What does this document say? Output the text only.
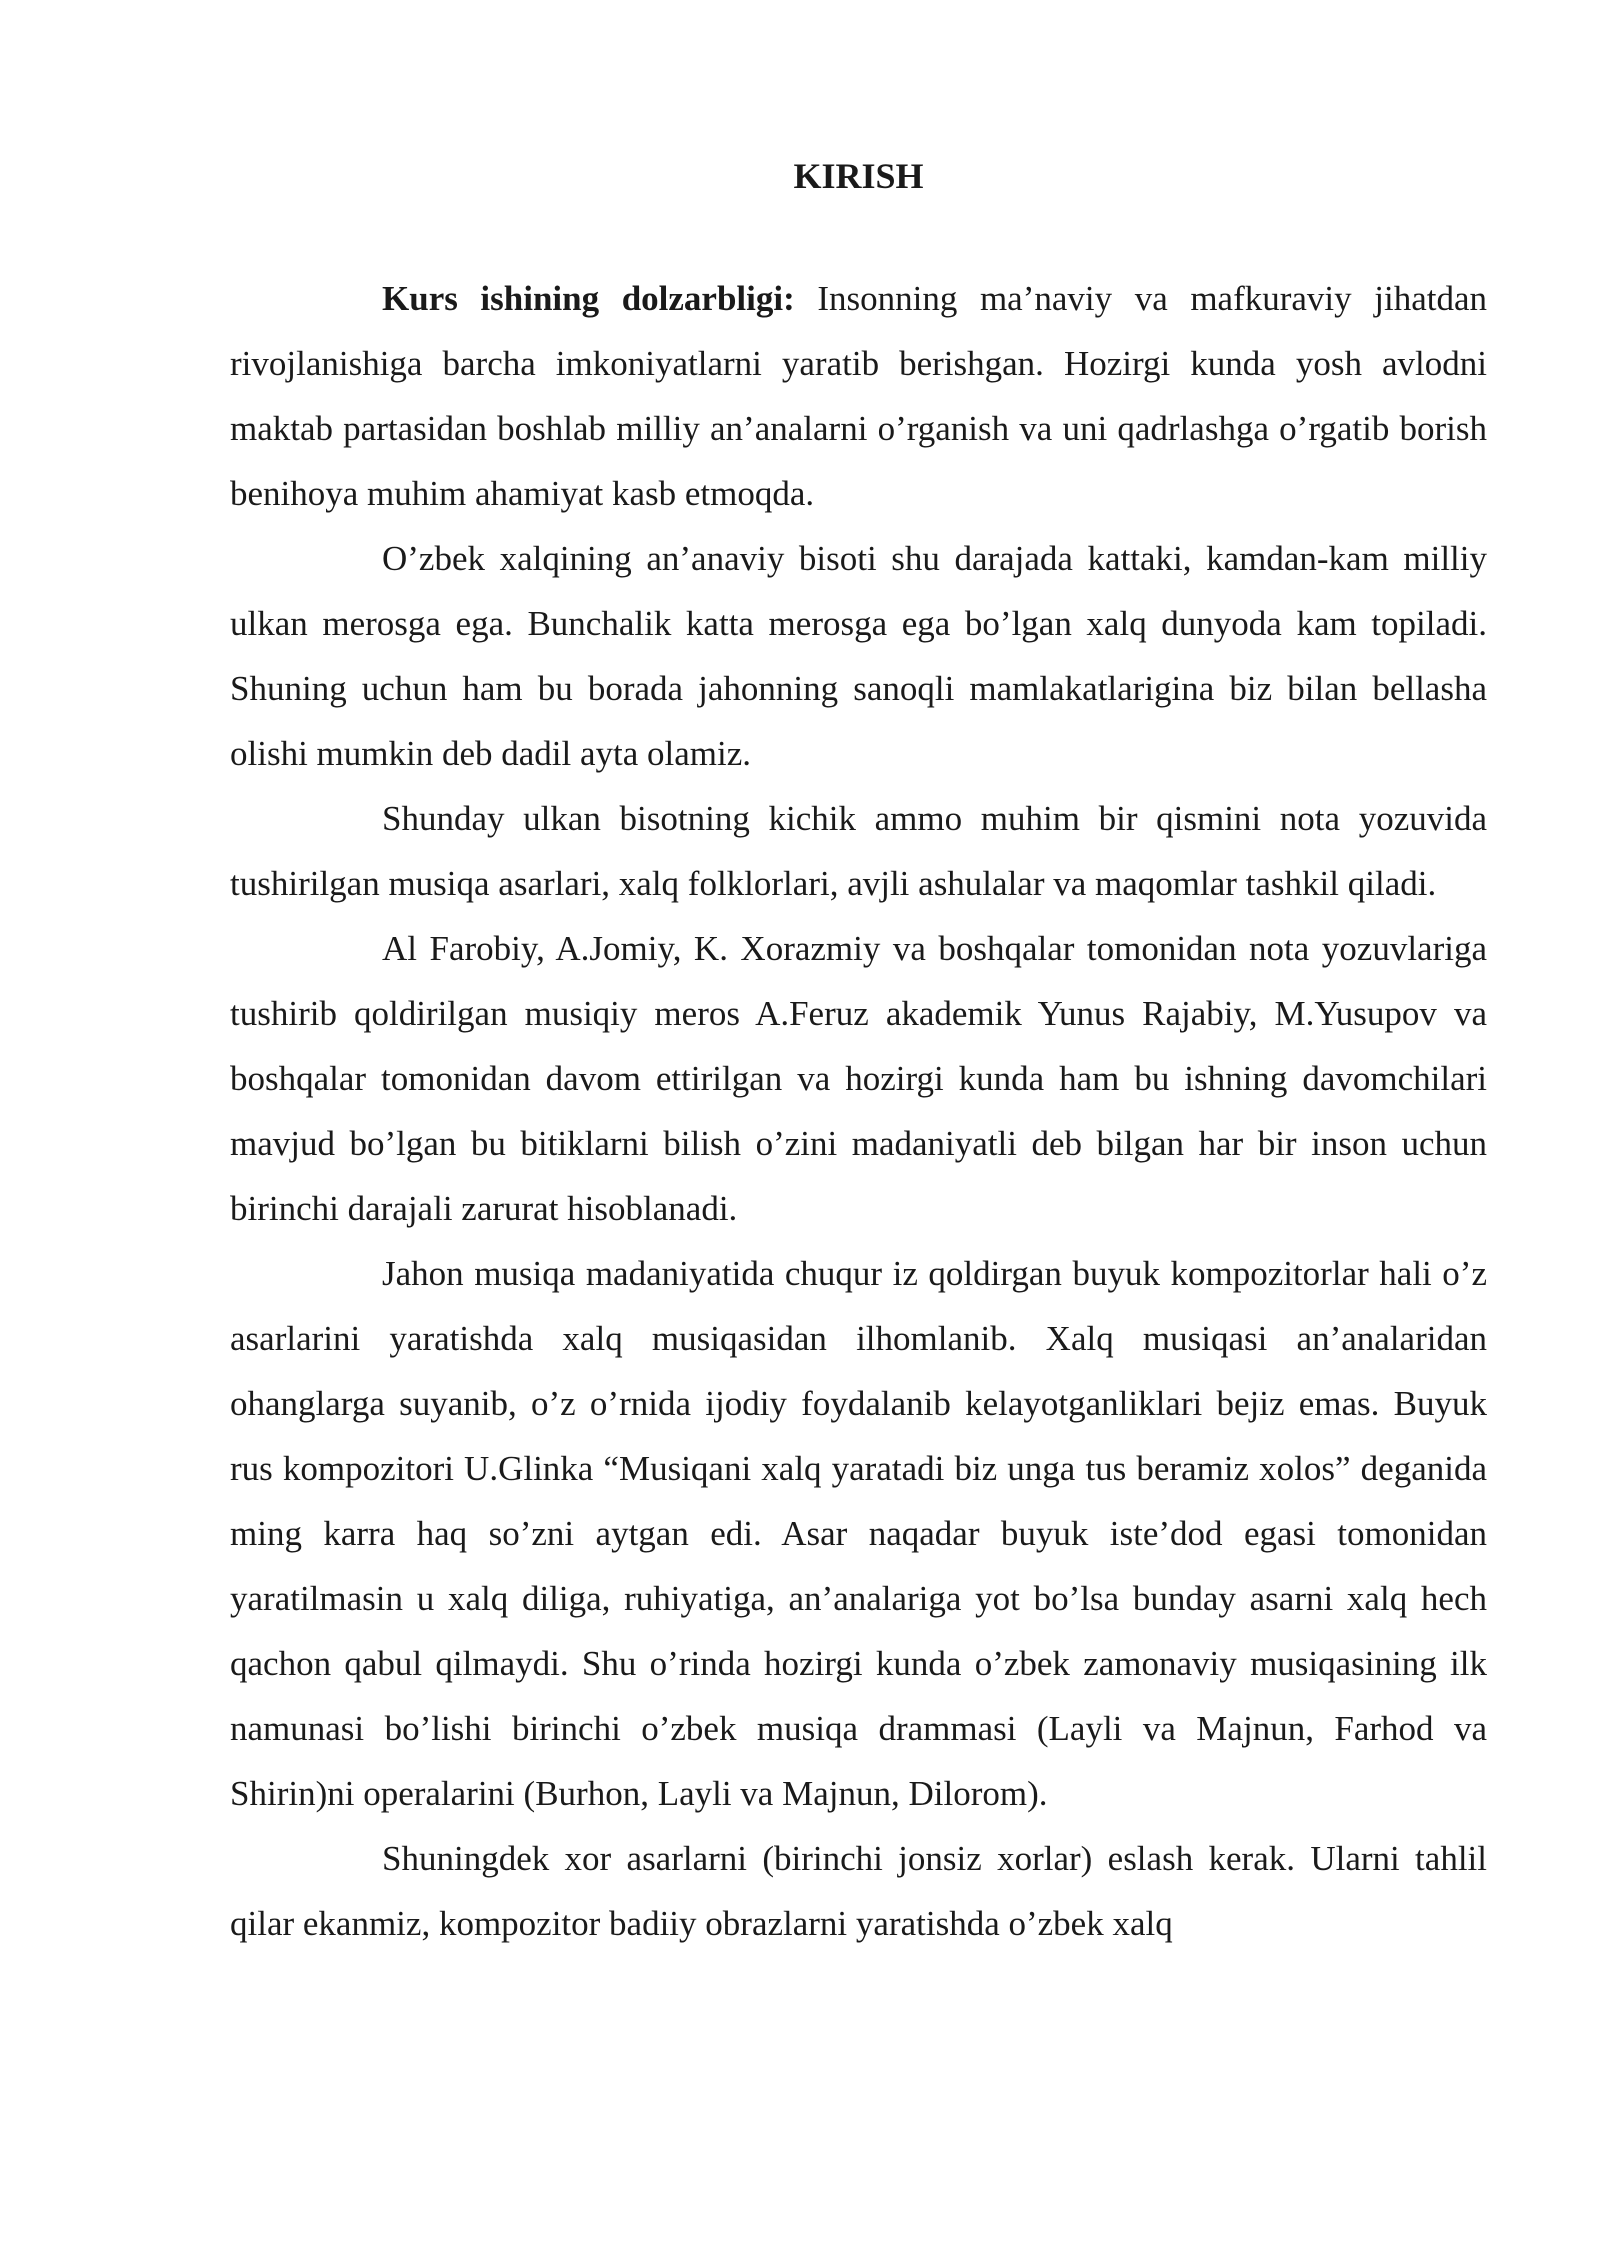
KIRISH

Kurs ishining dolzarbligi: Insonning ma’naviy va mafkuraviy jihatdan rivojlanishiga barcha imkoniyatlarni yaratib berishgan. Hozirgi kunda yosh avlodni maktab partasidan boshlab milliy an’analarni o’rganish va uni qadrlashga o’rgatib borish benihoya muhim ahamiyat kasb etmoqda.

O’zbek xalqining an’anaviy bisoti shu darajada kattaki, kamdan-kam milliy ulkan merosga ega. Bunchalik katta merosga ega bo’lgan xalq dunyoda kam topiladi. Shuning uchun ham bu borada jahonning sanoqli mamlakatlarigina biz bilan bellasha olishi mumkin deb dadil ayta olamiz.

Shunday ulkan bisotning kichik ammo muhim bir qismini nota yozuvida tushirilgan musiqa asarlari, xalq folklorlari, avjli ashulalar va maqomlar tashkil qiladi.

Al Farobiy, A.Jomiy, K. Xorazmiy va boshqalar tomonidan nota yozuvlariga tushirib qoldirilgan musiqiy meros A.Feruz akademik Yunus Rajabiy, M.Yusupov va boshqalar tomonidan davom ettirilgan va hozirgi kunda ham bu ishning davomchilari mavjud bo’lgan bu bitiklarni bilish o’zini madaniyatli deb bilgan har bir inson uchun birinchi darajali zarurat hisoblanadi.

Jahon musiqa madaniyatida chuqur iz qoldirgan buyuk kompozitorlar hali o’z asarlarini yaratishda xalq musiqasidan ilhomlanib. Xalq musiqasi an’analaridan ohanglarga suyanib, o’z o’rnida ijodiy foydalanib kelayotganliklari bejiz emas. Buyuk rus kompozitori U.Glinka “Musiqani xalq yaratadi biz unga tus beramiz xolos” deganida ming karra haq so’zni aytgan edi. Asar naqadar buyuk iste’dod egasi tomonidan yaratilmasin u xalq diliga, ruhiyatiga, an’analariga yot bo’lsa bunday asarni xalq hech qachon qabul qilmaydi. Shu o’rinda hozirgi kunda o’zbek zamonaviy musiqasining ilk namunasi bo’lishi birinchi o’zbek musiqa drammasi (Layli va Majnun, Farhod va Shirin)ni operalarini (Burhon, Layli va Majnun, Dilorom).

Shuningdek xor asarlarni (birinchi jonsiz xorlar) eslash kerak. Ularni tahlil qilar ekanmiz, kompozitor badiiy obrazlarni yaratishda o’zbek xalq
